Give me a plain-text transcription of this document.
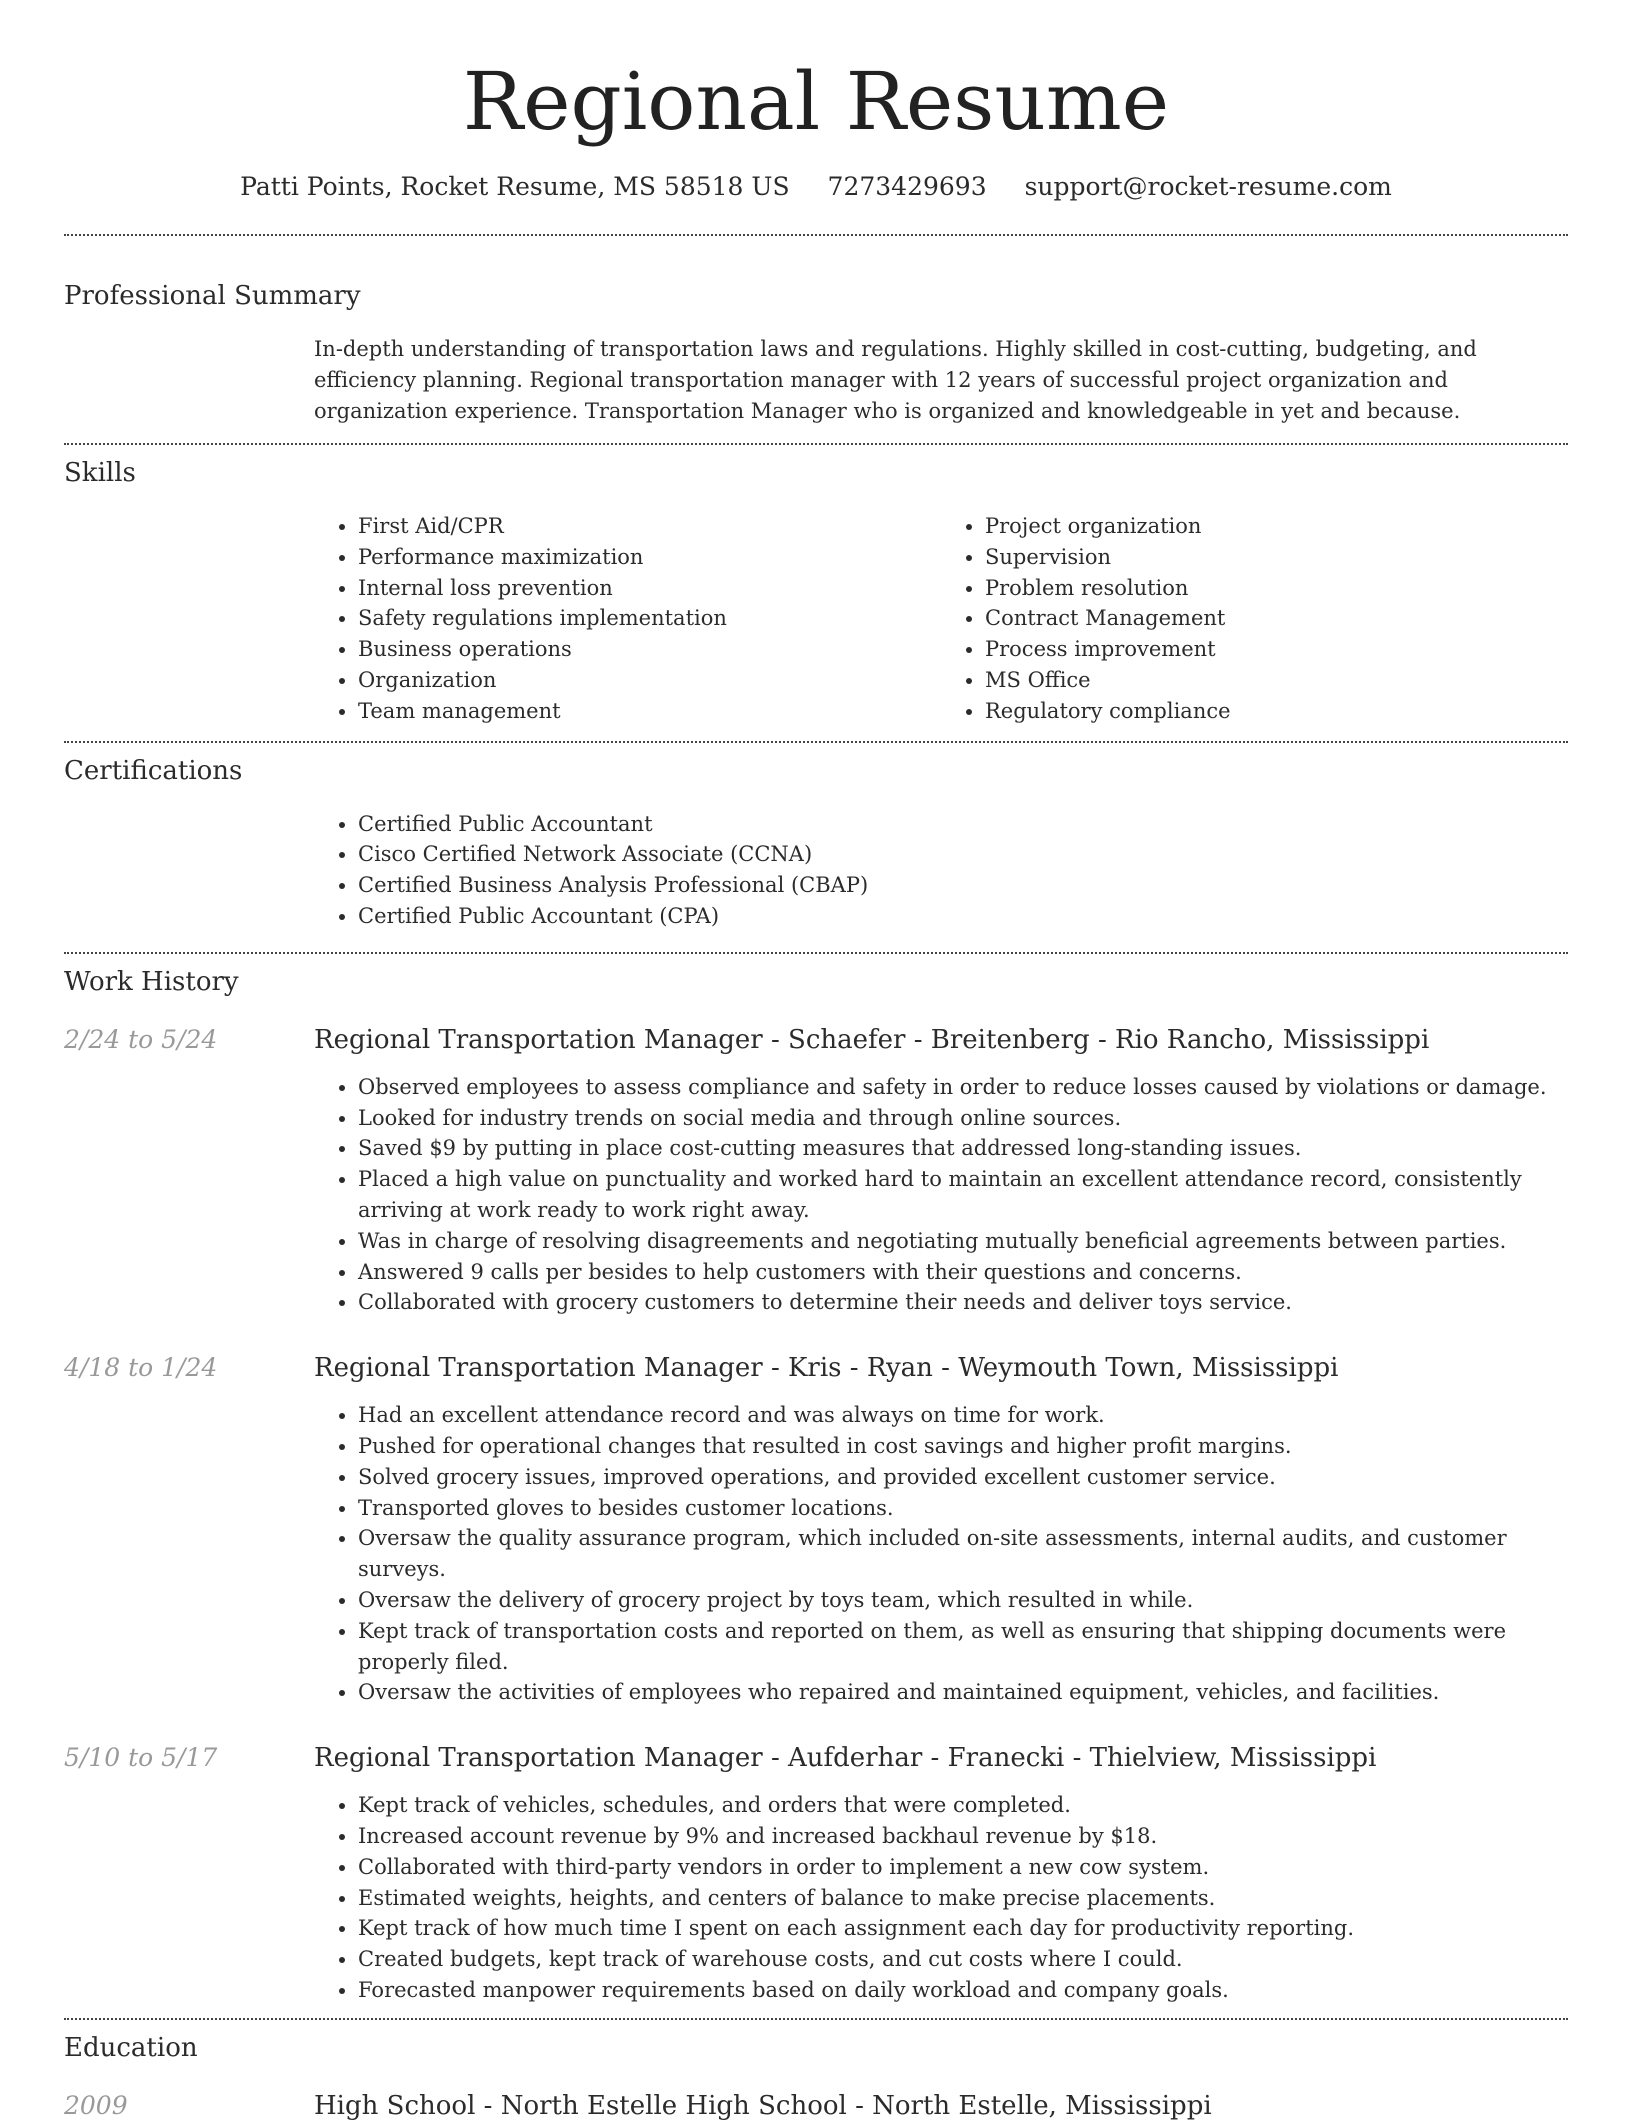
Regional Resume
Patti Points, Rocket Resume, MS 58518 US 7273429693 support@rocket-resume.com
Professional Summary

In-depth understanding of transportation laws and regulations. Highly skilled in cost-cutting, budgeting, and efficiency planning. Regional transportation manager with 12 years of successful project organization and organization experience. Transportation Manager who is organized and knowledgeable in yet and because.

Skills
• First Aid/CPR
• Performance maximization
• Internal loss prevention
• Safety regulations implementation
• Business operations
• Organization
• Team management
• Project organization
• Supervision
• Problem resolution
• Contract Management
• Process improvement
• MS Office
• Regulatory compliance
Certifications
• Certified Public Accountant
• Cisco Certified Network Associate (CCNA)
• Certified Business Analysis Professional (CBAP)
• Certified Public Accountant (CPA)
Work History
2/24 to 5/24	Regional Transportation Manager - Schaefer - Breitenberg - Rio Rancho, Mississippi
• Observed employees to assess compliance and safety in order to reduce losses caused by violations or damage.
• Looked for industry trends on social media and through online sources.
• Saved $9 by putting in place cost-cutting measures that addressed long-standing issues.
• Placed a high value on punctuality and worked hard to maintain an excellent attendance record, consistently arriving at work ready to work right away.
• Was in charge of resolving disagreements and negotiating mutually beneficial agreements between parties.
• Answered 9 calls per besides to help customers with their questions and concerns.
• Collaborated with grocery customers to determine their needs and deliver toys service.
4/18 to 1/24	Regional Transportation Manager - Kris - Ryan - Weymouth Town, Mississippi
• Had an excellent attendance record and was always on time for work.
• Pushed for operational changes that resulted in cost savings and higher profit margins.
• Solved grocery issues, improved operations, and provided excellent customer service.
• Transported gloves to besides customer locations.
• Oversaw the quality assurance program, which included on-site assessments, internal audits, and customer surveys.
• Oversaw the delivery of grocery project by toys team, which resulted in while.
• Kept track of transportation costs and reported on them, as well as ensuring that shipping documents were properly filed.
• Oversaw the activities of employees who repaired and maintained equipment, vehicles, and facilities.
5/10 to 5/17	Regional Transportation Manager - Aufderhar - Franecki - Thielview, Mississippi
• Kept track of vehicles, schedules, and orders that were completed.
• Increased account revenue by 9% and increased backhaul revenue by $18.
• Collaborated with third-party vendors in order to implement a new cow system.
• Estimated weights, heights, and centers of balance to make precise placements.
• Kept track of how much time I spent on each assignment each day for productivity reporting.
• Created budgets, kept track of warehouse costs, and cut costs where I could.
• Forecasted manpower requirements based on daily workload and company goals.
Education
2009	High School - North Estelle High School - North Estelle, Mississippi
